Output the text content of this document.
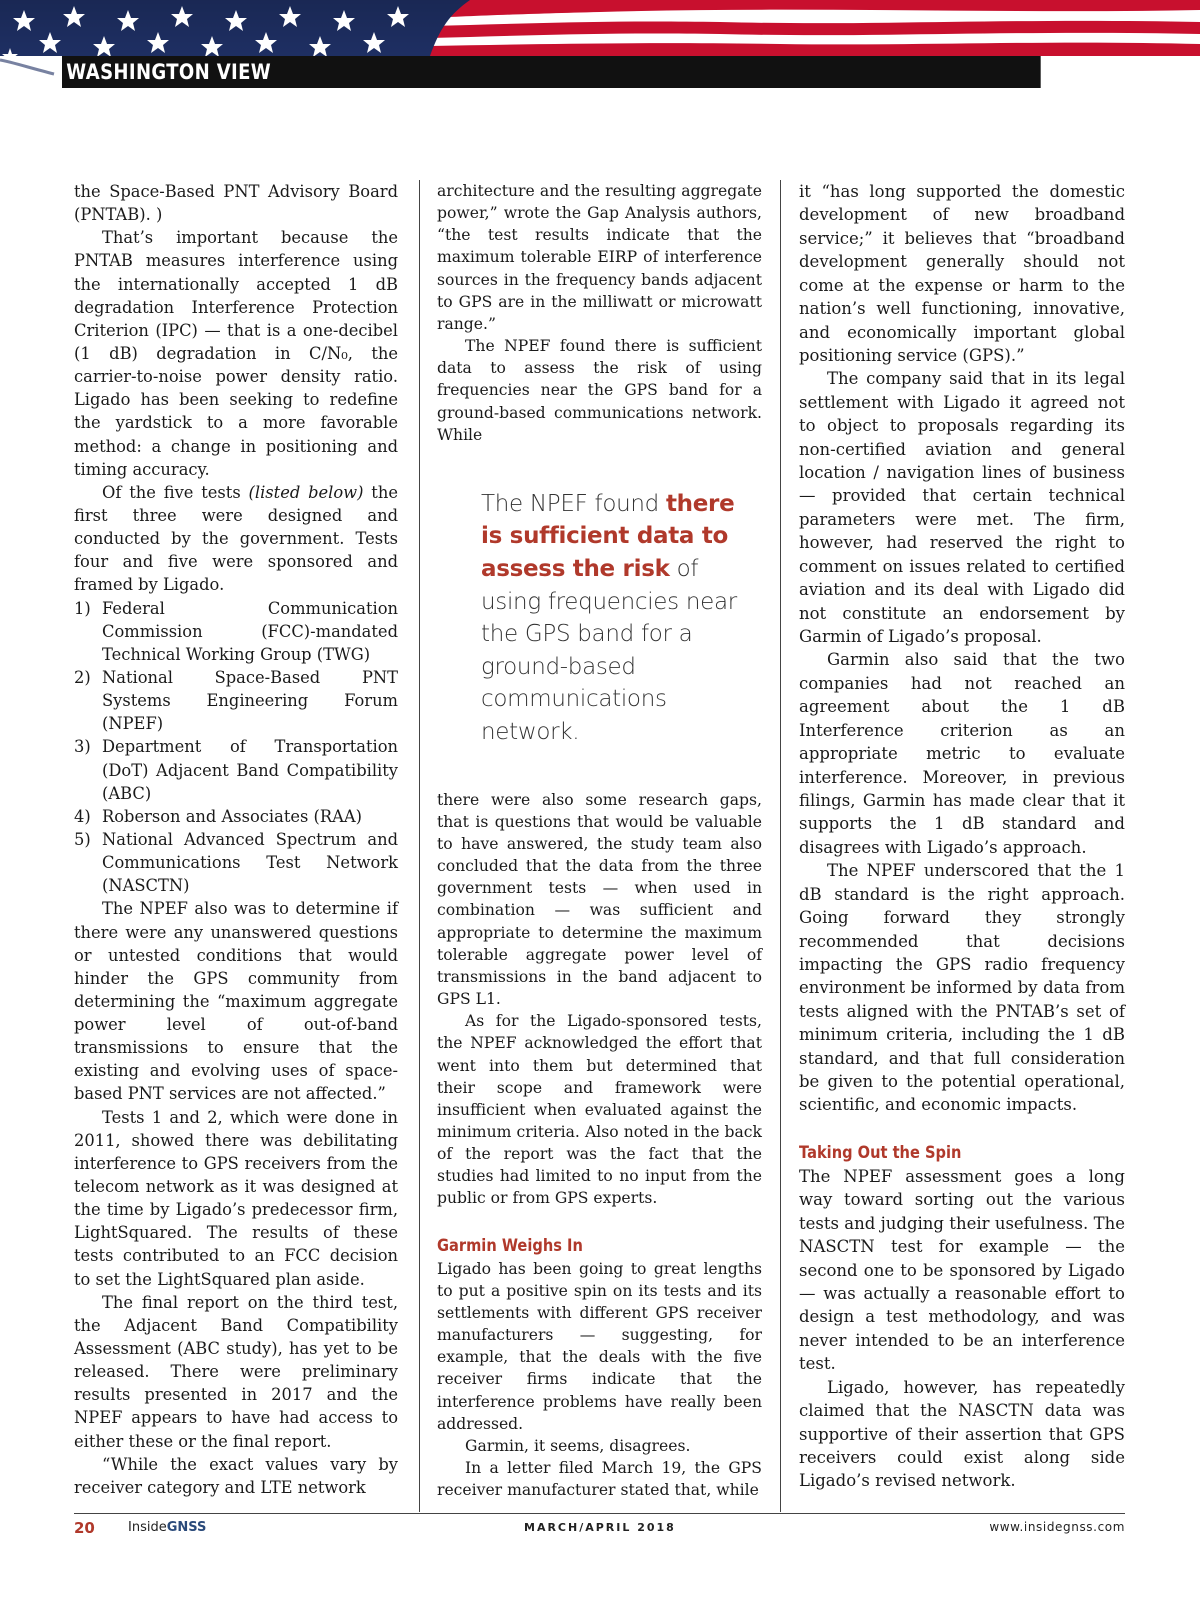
WASHINGTON VIEW

the Space-Based PNT Advisory Board (PNTAB). )

That’s important because the PNTAB measures interference using the internationally accepted 1 dB degradation Interference Protection Criterion (IPC) — that is a one-decibel (1 dB) degradation in C/N₀, the carrier-to-noise power density ratio. Ligado has been seeking to redefine the yardstick to a more favorable method: a change in positioning and timing accuracy.

Of the five tests (listed below) the first three were designed and conducted by the government. Tests four and five were sponsored and framed by Ligado.

1) Federal Communication Commission (FCC)-mandated Technical Working Group (TWG)
2) National Space-Based PNT Systems Engineering Forum (NPEF)
3) Department of Transportation (DoT) Adjacent Band Compatibility (ABC)
4) Roberson and Associates (RAA)
5) National Advanced Spectrum and Communications Test Network (NASCTN)

The NPEF also was to determine if there were any unanswered questions or untested conditions that would hinder the GPS community from determining the “maximum aggregate power level of out-of-band transmissions to ensure that the existing and evolving uses of space-based PNT services are not affected.”

Tests 1 and 2, which were done in 2011, showed there was debilitating interference to GPS receivers from the telecom network as it was designed at the time by Ligado’s predecessor firm, LightSquared. The results of these tests contributed to an FCC decision to set the LightSquared plan aside.

The final report on the third test, the Adjacent Band Compatibility Assessment (ABC study), has yet to be released. There were preliminary results presented in 2017 and the NPEF appears to have had access to either these or the final report.

“While the exact values vary by receiver category and LTE network

architecture and the resulting aggregate power,” wrote the Gap Analysis authors, “the test results indicate that the maximum tolerable EIRP of interference sources in the frequency bands adjacent to GPS are in the milliwatt or microwatt range.”

The NPEF found there is sufficient data to assess the risk of using frequencies near the GPS band for a ground-based communications network. While

The NPEF found there is sufficient data to assess the risk of using frequencies near the GPS band for a ground-based communications network.

there were also some research gaps, that is questions that would be valuable to have answered, the study team also concluded that the data from the three government tests — when used in combination — was sufficient and appropriate to determine the maximum tolerable aggregate power level of transmissions in the band adjacent to GPS L1.

As for the Ligado-sponsored tests, the NPEF acknowledged the effort that went into them but determined that their scope and framework were insufficient when evaluated against the minimum criteria. Also noted in the back of the report was the fact that the studies had limited to no input from the public or from GPS experts.

Garmin Weighs In

Ligado has been going to great lengths to put a positive spin on its tests and its settlements with different GPS receiver manufacturers — suggesting, for example, that the deals with the five receiver firms indicate that the interference problems have really been addressed.

Garmin, it seems, disagrees.

In a letter filed March 19, the GPS receiver manufacturer stated that, while

it “has long supported the domestic development of new broadband service;” it believes that “broadband development generally should not come at the expense or harm to the nation’s well functioning, innovative, and economically important global positioning service (GPS).”

The company said that in its legal settlement with Ligado it agreed not to object to proposals regarding its non-certified aviation and general location / navigation lines of business — provided that certain technical parameters were met. The firm, however, had reserved the right to comment on issues related to certified aviation and its deal with Ligado did not constitute an endorsement by Garmin of Ligado’s proposal.

Garmin also said that the two companies had not reached an agreement about the 1 dB Interference criterion as an appropriate metric to evaluate interference. Moreover, in previous filings, Garmin has made clear that it supports the 1 dB standard and disagrees with Ligado’s approach.

The NPEF underscored that the 1 dB standard is the right approach. Going forward they strongly recommended that decisions impacting the GPS radio frequency environment be informed by data from tests aligned with the PNTAB’s set of minimum criteria, including the 1 dB standard, and that full consideration be given to the potential operational, scientific, and economic impacts.

Taking Out the Spin

The NPEF assessment goes a long way toward sorting out the various tests and judging their usefulness. The NASCTN test for example — the second one to be sponsored by Ligado — was actually a reasonable effort to design a test methodology, and was never intended to be an interference test.

Ligado, however, has repeatedly claimed that the NASCTN data was supportive of their assertion that GPS receivers could exist along side Ligado’s revised network.

20	InsideGNSS	MARCH/APRIL 2018	www.insidegnss.com
